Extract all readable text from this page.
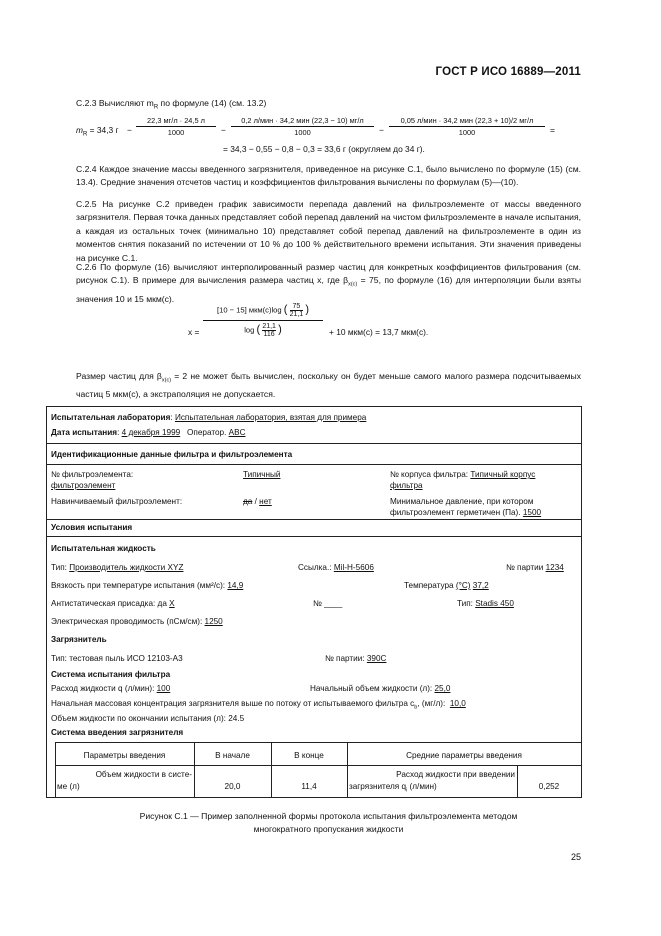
ГОСТ Р ИСО 16889—2011
С.2.3 Вычисляют $m_R$ по формуле (14) (см. 13.2)
$m_R = 34,3$ г −
22,3 мг/л · 24,5 л
1000	−
0,2 л/мин · 34,2 мин (22,3 − 10) мг/л
1000	−
0,05 л/мин · 34,2 мин (22,3 + 10)/2 мг/л
1000	=
= 34,3 − 0,55 − 0,8 − 0,3 = 33,6 г (округляем до 34 г).
С.2.4 Каждое значение массы введенного загрязнителя, приведенное на рисунке С.1, было вычислено по формуле (15) (см. 13.4). Средние значения отсчетов частиц и коэффициентов фильтрования вычислены по формулам (5)—(10).
С.2.5 На рисунке С.2 приведен график зависимости перепада давлений на фильтроэлементе от массы введенного загрязнителя. Первая точка данных представляет собой перепад давлений на чистом фильтроэлементе в начале испытания, а каждая из остальных точек (минимально 10) представляет собой перепад давлений на фильтроэлементе в один из моментов снятия показаний по истечении от 10 % до 100 % действительного времени испытания. Эти значения приведены на рисунке С.1.
С.2.6 По формуле (16) вычисляют интерполированный размер частиц для конкретных коэффициентов фильтрования (см. рисунок С.1). В примере для вычисления размера частиц x, где $\beta_{x(c)} = 75$, по формуле (16) для интерполяции были взяты значения 10 и 15 мкм(с).
x =
[10 − 15] мкм(с)log ( $\frac{75}{21,1}$ )
log ( $\frac{21,1}{116}$ )	+ 10 мкм(с) = 13,7 мкм(с).
Размер частиц для $\beta_{x(c)} = 2$ не может быть вычислен, поскольку он будет меньше самого малого размера подсчитываемых частиц 5 мкм(с), а экстраполяция не допускается.
Испытательная лаборатория: Испытательная лаборатория, взятая для примера
Дата испытания: 4 декабря 1999 Оператор. ABC
Идентификационные данные фильтра и фильтроэлемента
№ фильтроэлемента:
фильтроэлемент
Типичный	№ корпуса фильтра: Типичный корпус
фильтра
Навинчиваемый фильтроэлемент:	да / нет	Минимальное давление, при котором
фильтроэлемент герметичен (Па). 1500
Условия испытания
Испытательная жидкость
Тип: Производитель жидкости XYZ	Ссылка.: Mil-H-5606	№ партии 1234
Вязкость при температуре испытания (мм²/с): 14,9	Температура (°С) 37,2
Антистатическая присадка: да X	№ ____	Тип: Stadis 450
Электрическая проводимость (пСм/см): 1250
Загрязнитель
Тип: тестовая пыль ИСО 12103-А3	№ партии: 390С
Система испытания фильтра
Расход жидкости q (л/мин): 100	Начальный объем жидкости (л): 25,0
Начальная массовая концентрация загрязнителя выше по потоку от испытываемого фильтра $c_b$, (мг/л): 10,0
Объем жидкости по окончании испытания (л): 24.5
Система введения загрязнителя
Параметры введения	В начале	В конце	Средние параметры введения
Объем жидкости в систе-
ме (л)	20,0	11,4
Расход жидкости при введении
загрязнителя $q_i$ (л/мин)	0,252
Рисунок С.1 — Пример заполненной формы протокола испытания фильтроэлемента методом
многократного пропускания жидкости
25
